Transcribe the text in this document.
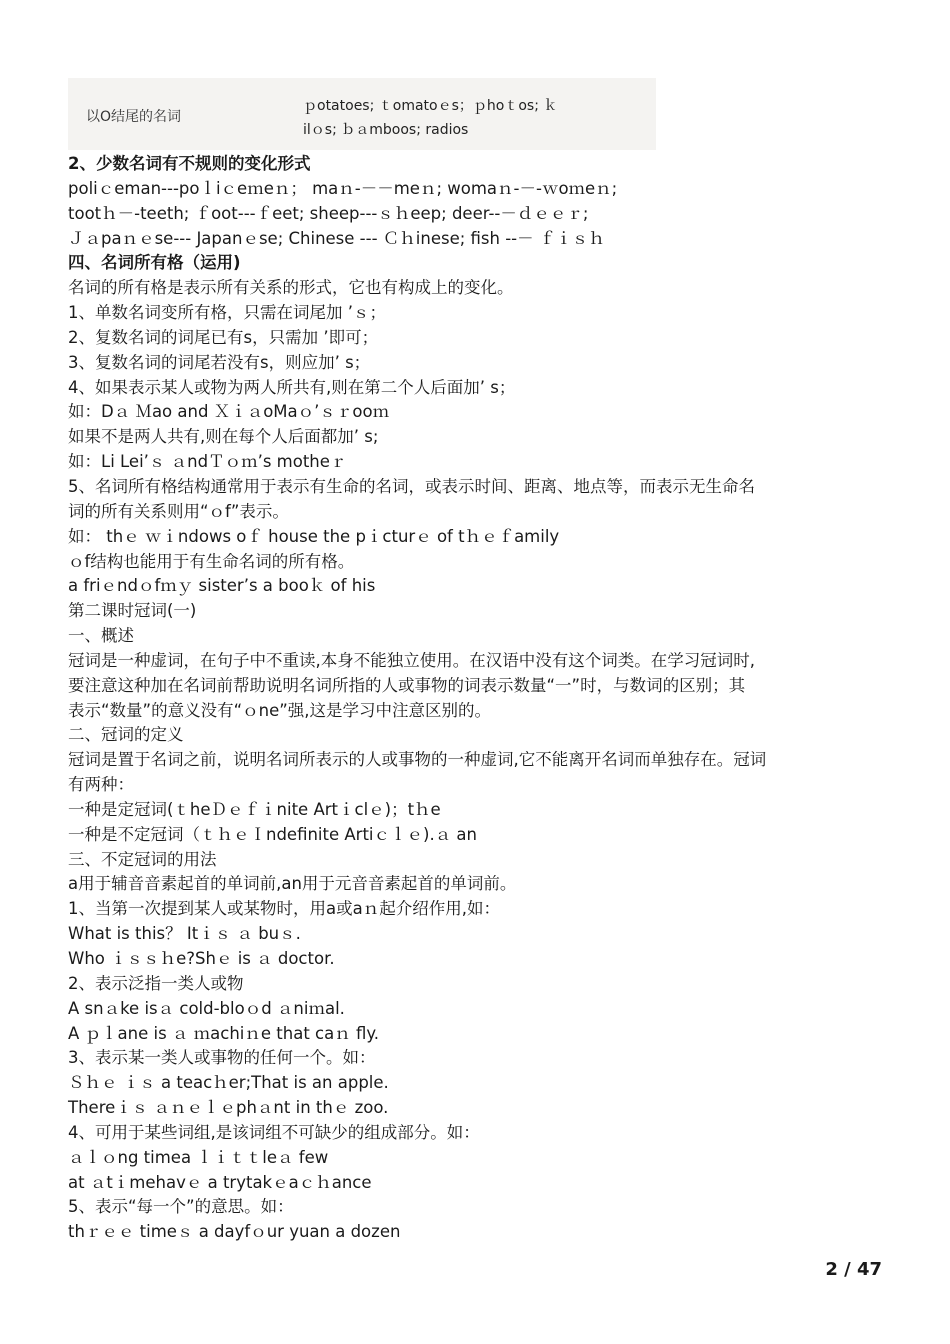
以O结尾的名词
ｐotatoes; ｔomatoｅs；ｐhoｔos; ｋ
ilｏs; ｂａmboos; radios
2、少数名词有不规则的变化形式
poliｃeman---poｌiｃeｍeｎ； maｎ-－－meｎ; womaｎ-－-ｗoｍeｎ;
tootｈ－-teeth; ｆoot---ｆeet; sheep---ｓｈeep; deer--－ｄｅｅｒ;
Ｊａpaｎｅse--- Japanｅse; Chinese --- Ｃｈinese; fish --－ ｆｉｓｈ
四、名词所有格（运用)
名词的所有格是表示所有关系的形式，它也有构成上的变化。
1、单数名词变所有格，只需在词尾加 ’ｓ；
2、复数名词的词尾已有s，只需加 ’即可；
3、复数名词的词尾若没有s，则应加’ s；
4、如果表示某人或物为两人所共有,则在第二个人后面加’ s；
如：Dａ Ｍao and ＸｉａoMaｏ’ｓｒooｍ
如果不是两人共有,则在每个人后面都加’ s;
如：Li Lei’ｓ ａndＴｏｍ’s motheｒ
5、名词所有格结构通常用于表示有生命的名词，或表示时间、距离、地点等，而表示无生命名
词的所有关系则用“ｏf”表示。
如： thｅ ｗｉndows oｆ house the pｉcturｅ of tｈｅｆamily
ｏf结构也能用于有生命名词的所有格。
a friｅndｏfｍｙ sister’s a booｋ of his
第二课时冠词(一)
一、概述
冠词是一种虚词，在句子中不重读,本身不能独立使用。在汉语中没有这个词类。在学习冠词时,
要注意这种加在名词前帮助说明名词所指的人或事物的词表示数量“一”时，与数词的区别；其
表示“数量”的意义没有“ｏne”强,这是学习中注意区别的。
二、冠词的定义
冠词是置于名词之前，说明名词所表示的人或事物的一种虚词,它不能离开名词而单独存在。冠词
有两种：
一种是定冠词(ｔheＤｅｆｉnite Artｉclｅ)；tｈe
一种是不定冠词（ｔｈｅＩndefinite Artiｃｌｅ).ａ an
三、不定冠词的用法
a用于辅音音素起首的单词前,an用于元音音素起首的单词前。
1、当第一次提到某人或某物时，用a或aｎ起介绍作用,如：
What is this？ Itｉｓ ａ buｓ.
Who ｉｓｓｈe?Shｅ is ａ doctor.
2、表示泛指一类人或物
A snａke isａ cold-bloｏd ａniｍal.
A ｐｌane is ａ ｍachiｎe that caｎ fly.
3、表示某一类人或事物的任何一个。如：
Ｓｈｅ ｉｓ a teacｈer;That is an apple.
Thereｉｓ ａｎｅｌｅphａnt in thｅ zoo.
4、可用于某些词组,是该词组不可缺少的组成部分。如：
ａｌｏng timea ｌｉｔｔleａ few
at ａtｉmehavｅ a trytakｅaｃｈance
5、表示“每一个”的意思。如：
thｒｅｅ timeｓ a dayfｏur yuan a dozen
2 / 47
